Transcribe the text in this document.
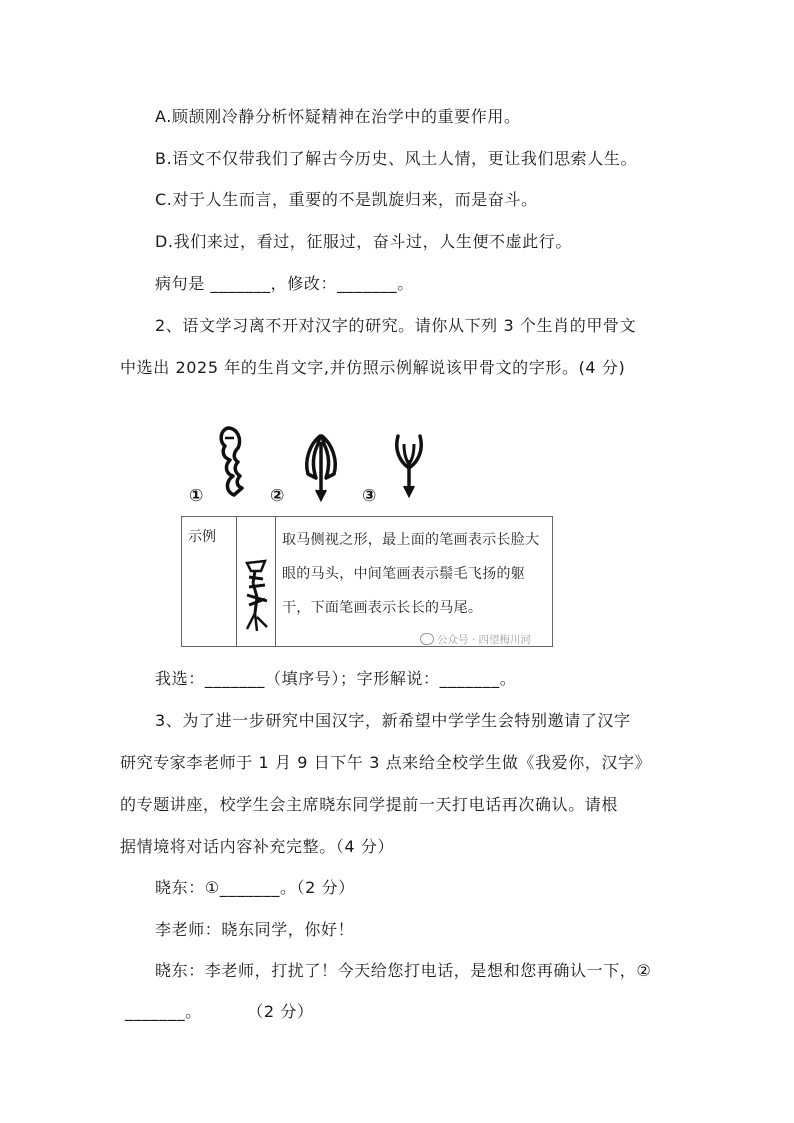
A.顾颉刚冷静分析怀疑精神在治学中的重要作用。
B.语文不仅带我们了解古今历史、风土人情，更让我们思索人生。
C.对于人生而言，重要的不是凯旋归来，而是奋斗。
D.我们来过，看过，征服过，奋斗过，人生便不虚此行。
病句是 _______，修改：_______。
2、语文学习离不开对汉字的研究。请你从下列 3 个生肖的甲骨文
中选出 2025 年的生肖文字,并仿照示例解说该甲骨文的字形。(4 分)
①	②	③
示例		取马侧视之形，最上面的笔画表示长脸大眼的马头，中间笔画表示鬃毛飞扬的躯干，下面笔画表示长长的马尾。
公众号 · 四望梅川河
我选：_______（填序号）；字形解说：_______。
3、为了进一步研究中国汉字，新希望中学学生会特别邀请了汉字
研究专家李老师于 1 月 9 日下午 3 点来给全校学生做《我爱你，汉字》
的专题讲座，校学生会主席晓东同学提前一天打电话再次确认。请根
据情境将对话内容补充完整。（4 分）
晓东：①_______。（2 分）
李老师：晓东同学，你好！
晓东：李老师，打扰了！今天给您打电话，是想和您再确认一下，②
_______。        （2 分）
